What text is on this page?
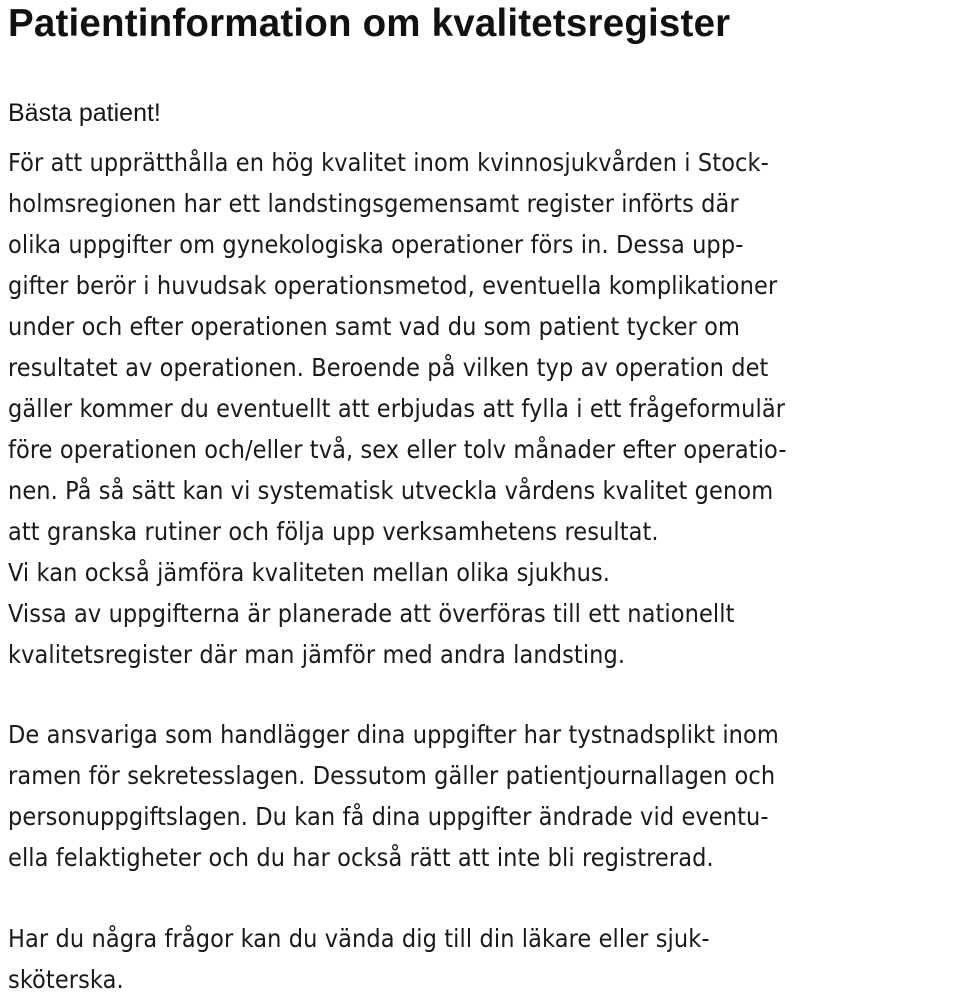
Patientinformation om kvalitetsregister

Bästa patient!

För att upprätthålla en hög kvalitet inom kvinnosjukvården i Stock-
holmsregionen har ett landstingsgemensamt register införts där
olika uppgifter om gynekologiska operationer förs in. Dessa upp-
gifter berör i huvudsak operationsmetod, eventuella komplikationer
under och efter operationen samt vad du som patient tycker om
resultatet av operationen. Beroende på vilken typ av operation det
gäller kommer du eventuellt att erbjudas att fylla i ett frågeformulär
före operationen och/eller två, sex eller tolv månader efter operatio-
nen. På så sätt kan vi systematisk utveckla vårdens kvalitet genom
att granska rutiner och följa upp verksamhetens resultat.
Vi kan också jämföra kvaliteten mellan olika sjukhus.
Vissa av uppgifterna är planerade att överföras till ett nationellt
kvalitetsregister där man jämför med andra landsting.

De ansvariga som handlägger dina uppgifter har tystnadsplikt inom
ramen för sekretesslagen. Dessutom gäller patientjournallagen och
personuppgiftslagen. Du kan få dina uppgifter ändrade vid eventu-
ella felaktigheter och du har också rätt att inte bli registrerad.

Har du några frågor kan du vända dig till din läkare eller sjuk-
sköterska.
